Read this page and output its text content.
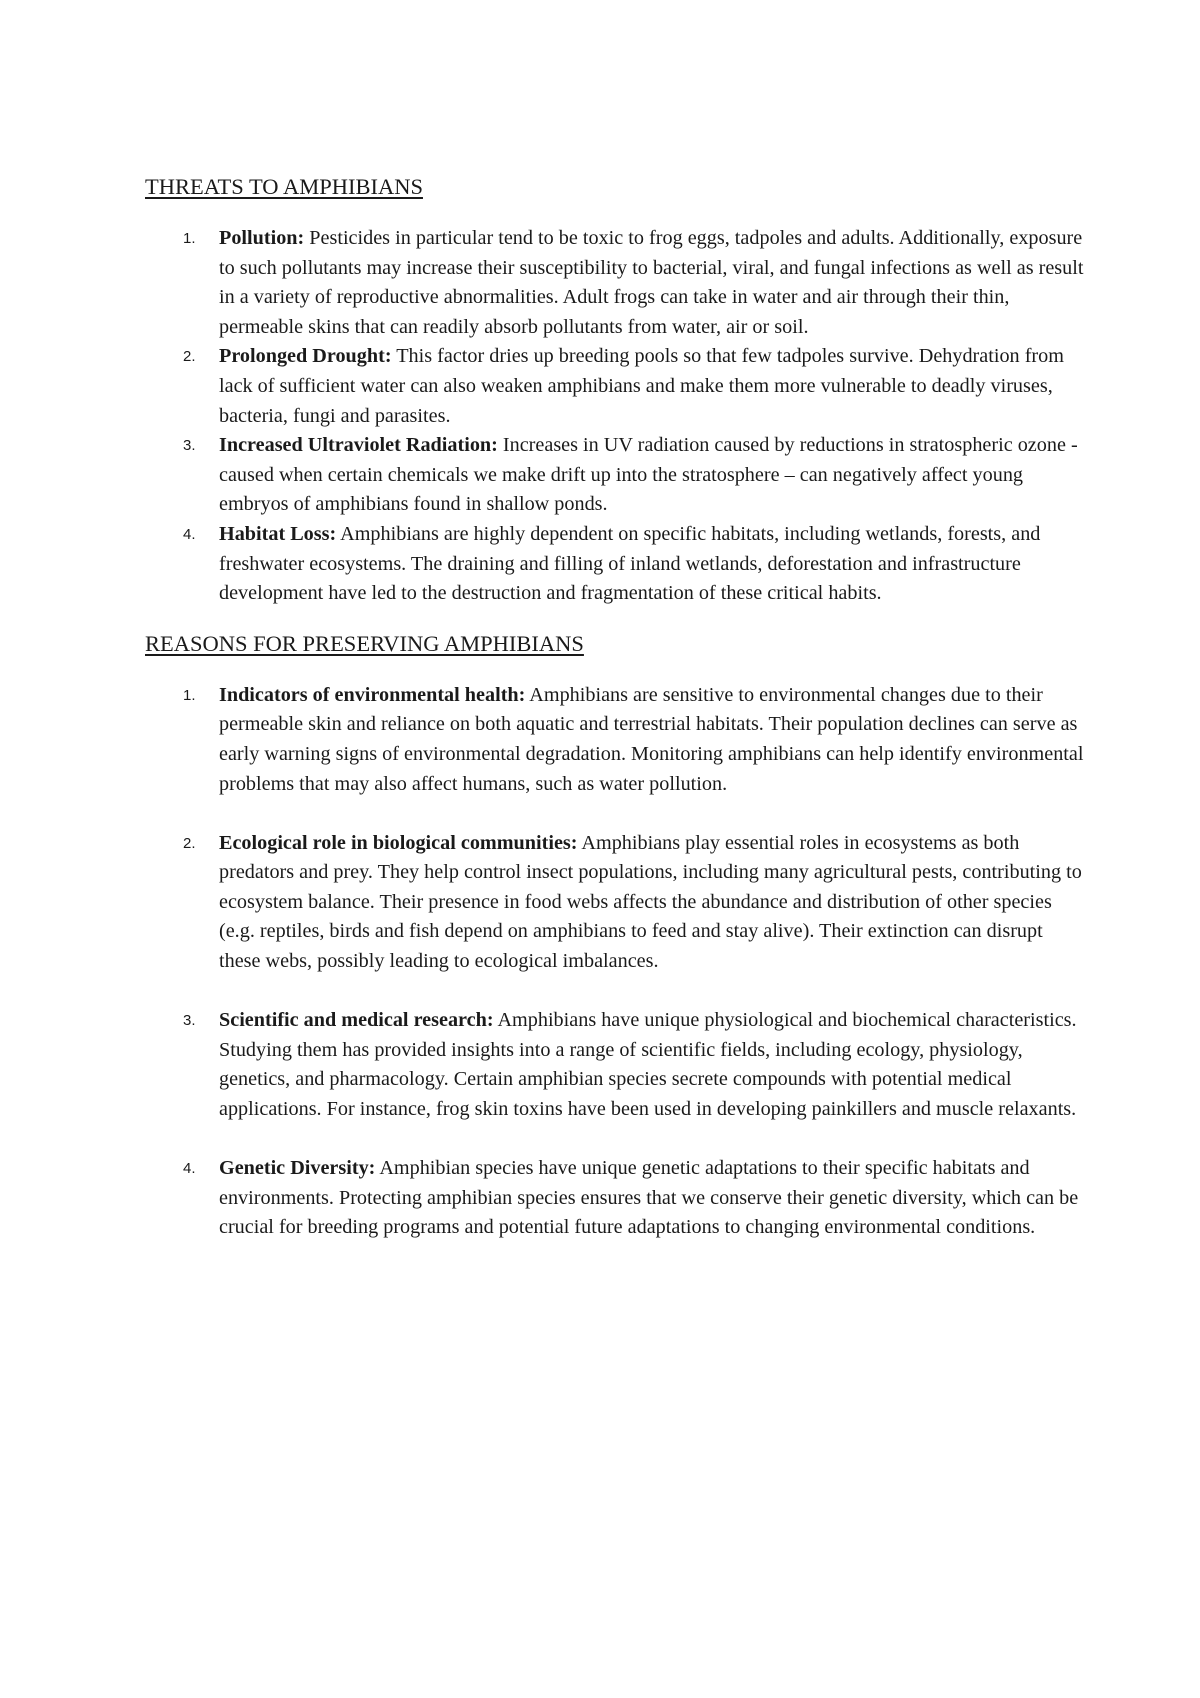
THREATS TO AMPHIBIANS
1. Pollution: Pesticides in particular tend to be toxic to frog eggs, tadpoles and adults. Additionally, exposure to such pollutants may increase their susceptibility to bacterial, viral, and fungal infections as well as result in a variety of reproductive abnormalities. Adult frogs can take in water and air through their thin, permeable skins that can readily absorb pollutants from water, air or soil.
2. Prolonged Drought: This factor dries up breeding pools so that few tadpoles survive. Dehydration from lack of sufficient water can also weaken amphibians and make them more vulnerable to deadly viruses, bacteria, fungi and parasites.
3. Increased Ultraviolet Radiation: Increases in UV radiation caused by reductions in stratospheric ozone - caused when certain chemicals we make drift up into the stratosphere – can negatively affect young embryos of amphibians found in shallow ponds.
4. Habitat Loss: Amphibians are highly dependent on specific habitats, including wetlands, forests, and freshwater ecosystems. The draining and filling of inland wetlands, deforestation and infrastructure development have led to the destruction and fragmentation of these critical habits.
REASONS FOR PRESERVING AMPHIBIANS
1. Indicators of environmental health: Amphibians are sensitive to environmental changes due to their permeable skin and reliance on both aquatic and terrestrial habitats. Their population declines can serve as early warning signs of environmental degradation. Monitoring amphibians can help identify environmental problems that may also affect humans, such as water pollution.
2. Ecological role in biological communities: Amphibians play essential roles in ecosystems as both predators and prey. They help control insect populations, including many agricultural pests, contributing to ecosystem balance. Their presence in food webs affects the abundance and distribution of other species (e.g. reptiles, birds and fish depend on amphibians to feed and stay alive). Their extinction can disrupt these webs, possibly leading to ecological imbalances.
3. Scientific and medical research: Amphibians have unique physiological and biochemical characteristics. Studying them has provided insights into a range of scientific fields, including ecology, physiology, genetics, and pharmacology. Certain amphibian species secrete compounds with potential medical applications. For instance, frog skin toxins have been used in developing painkillers and muscle relaxants.
4. Genetic Diversity: Amphibian species have unique genetic adaptations to their specific habitats and environments. Protecting amphibian species ensures that we conserve their genetic diversity, which can be crucial for breeding programs and potential future adaptations to changing environmental conditions.
